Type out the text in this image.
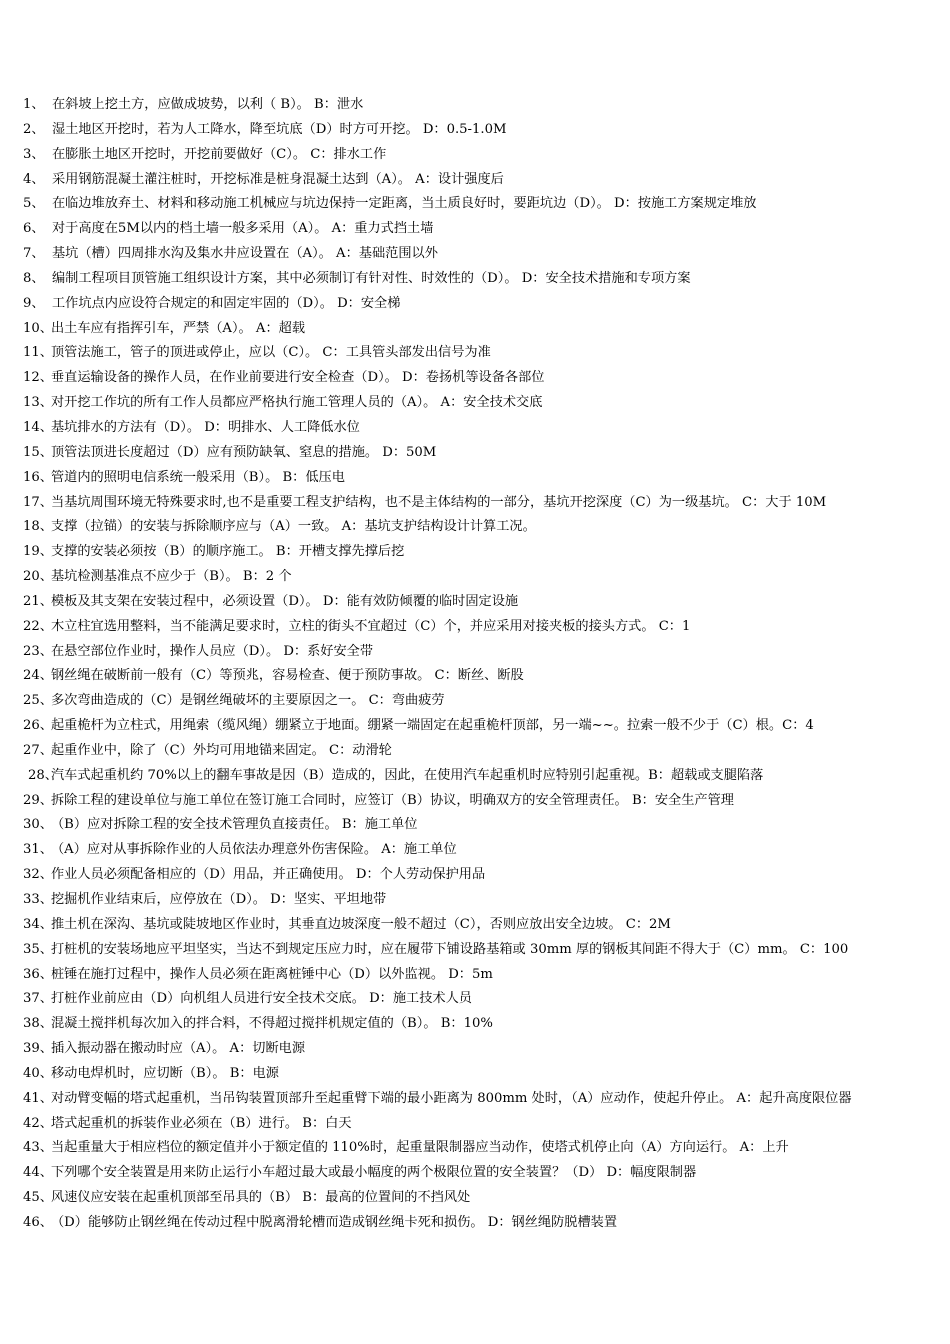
1、 在斜坡上挖土方，应做成坡势，以利（ B）。 B：泄水
2、 湿土地区开挖时，若为人工降水，降至坑底（D）时方可开挖。 D：0.5-1.0M
3、 在膨胀土地区开挖时，开挖前要做好（C）。 C：排水工作
4、 采用钢筋混凝土灌注桩时，开挖标准是桩身混凝土达到（A）。 A：设计强度后
5、 在临边堆放弃土、材料和移动施工机械应与坑边保持一定距离，当土质良好时，要距坑边（D）。 D：按施工方案规定堆放
6、 对于高度在5M以内的档土墙一般多采用（A）。 A：重力式挡土墙
7、 基坑（槽）四周排水沟及集水井应设置在（A）。 A：基础范围以外
8、 编制工程项目顶管施工组织设计方案，其中必须制订有针对性、时效性的（D）。 D：安全技术措施和专项方案
9、 工作坑点内应设符合规定的和固定牢固的（D）。 D：安全梯
10、
出土车应有指挥引车，严禁（A）。 A：超载
11、
顶管法施工，管子的顶进或停止，应以（C）。 C：工具管头部发出信号为准
12、
垂直运输设备的操作人员，在作业前要进行安全检查（D）。 D：卷扬机等设备各部位
13、
对开挖工作坑的所有工作人员都应严格执行施工管理人员的（A）。 A：安全技术交底
14、
基坑排水的方法有（D）。 D：明排水、人工降低水位
15、
顶管法顶进长度超过（D）应有预防缺氧、窒息的措施。 D：50M
16、
管道内的照明电信系统一般采用（B）。 B：低压电
17、
当基坑周围环境无特殊要求时,也不是重要工程支护结构，也不是主体结构的一部分，基坑开挖深度（C）为一级基坑。 C：大于 10M
18、
支撑（拉锚）的安装与拆除顺序应与（A）一致。 A：基坑支护结构设计计算工况。
19、
支撑的安装必须按（B）的顺序施工。 B：开槽支撑先撑后挖
20、
基坑检测基准点不应少于（B）。 B：2 个
21、
模板及其支架在安装过程中，必须设置（D）。 D：能有效防倾覆的临时固定设施
22、
木立柱宜选用整料，当不能满足要求时，立柱的街头不宜超过（C）个，并应采用对接夹板的接头方式。 C：1
23、
在悬空部位作业时，操作人员应（D）。 D：系好安全带
24、
钢丝绳在破断前一般有（C）等预兆，容易检查、便于预防事故。 C：断丝、断股
25、
多次弯曲造成的（C）是钢丝绳破坏的主要原因之一。 C：弯曲疲劳
26、
起重桅杆为立柱式，用绳索（缆风绳）绷紧立于地面。绷紧一端固定在起重桅杆顶部，另一端~~。拉索一般不少于（C）根。C：4
27、
起重作业中，除了（C）外均可用地锚来固定。 C：动滑轮
28、
汽车式起重机约 70%以上的翻车事故是因（B）造成的，因此，在使用汽车起重机时应特别引起重视。B：超载或支腿陷落
29、
拆除工程的建设单位与施工单位在签订施工合同时，应签订（B）协议，明确双方的安全管理责任。 B：安全生产管理
30、
（B）应对拆除工程的安全技术管理负直接责任。 B：施工单位
31、
（A）应对从事拆除作业的人员依法办理意外伤害保险。 A：施工单位
32、
作业人员必须配备相应的（D）用品，并正确使用。 D：个人劳动保护用品
33、
挖掘机作业结束后，应停放在（D）。 D：坚实、平坦地带
34、
推土机在深沟、基坑或陡坡地区作业时，其垂直边坡深度一般不超过（C），否则应放出安全边坡。 C：2M
35、
打桩机的安装场地应平坦坚实，当达不到规定压应力时，应在履带下铺设路基箱或 30mm 厚的钢板其间距不得大于（C）mm。 C：100
36、
桩锤在施打过程中，操作人员必须在距离桩锤中心（D）以外监视。 D：5m
37、
打桩作业前应由（D）向机组人员进行安全技术交底。 D：施工技术人员
38、
混凝土搅拌机每次加入的拌合料，不得超过搅拌机规定值的（B）。 B：10%
39、
插入振动器在搬动时应（A）。 A：切断电源
40、
移动电焊机时，应切断（B）。 B：电源
41、
对动臂变幅的塔式起重机，当吊钩装置顶部升至起重臂下端的最小距离为 800mm 处时，（A）应动作，使起升停止。 A：起升高度限位器
42、
塔式起重机的拆装作业必须在（B）进行。 B：白天
43、
当起重量大于相应档位的额定值并小于额定值的 110%时，起重量限制器应当动作，使塔式机停止向（A）方向运行。 A：上升
44、
下列哪个安全装置是用来防止运行小车超过最大或最小幅度的两个极限位置的安全装置？（D） D：幅度限制器
45、
风速仪应安装在起重机顶部至吊具的（B） B：最高的位置间的不挡风处
46、
（D）能够防止钢丝绳在传动过程中脱离滑轮槽而造成钢丝绳卡死和损伤。 D：钢丝绳防脱槽装置
